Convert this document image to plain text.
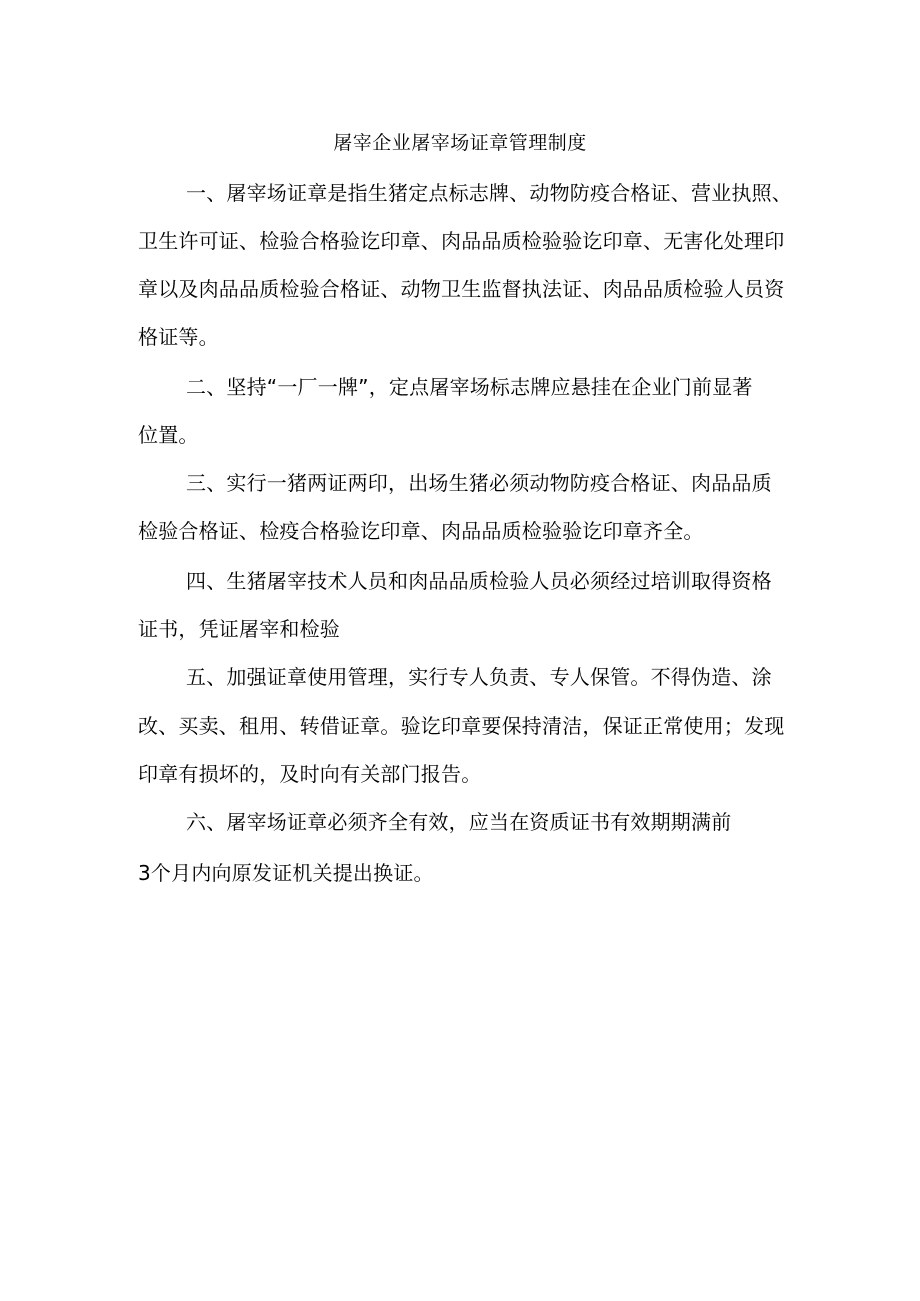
屠宰企业屠宰场证章管理制度
一、屠宰场证章是指生猪定点标志牌、动物防疫合格证、营业执照、
卫生许可证、检验合格验讫印章、肉品品质检验验讫印章、无害化处理印
章以及肉品品质检验合格证、动物卫生监督执法证、肉品品质检验人员资
格证等。
二、坚持“一厂一牌”，定点屠宰场标志牌应悬挂在企业门前显著
位置。
三、实行一猪两证两印，出场生猪必须动物防疫合格证、肉品品质
检验合格证、检疫合格验讫印章、肉品品质检验验讫印章齐全。
四、生猪屠宰技术人员和肉品品质检验人员必须经过培训取得资格
证书，凭证屠宰和检验
五、加强证章使用管理，实行专人负责、专人保管。不得伪造、涂
改、买卖、租用、转借证章。验讫印章要保持清洁，保证正常使用；发现
印章有损坏的，及时向有关部门报告。
六、屠宰场证章必须齐全有效，应当在资质证书有效期期满前
3个月内向原发证机关提出换证。
